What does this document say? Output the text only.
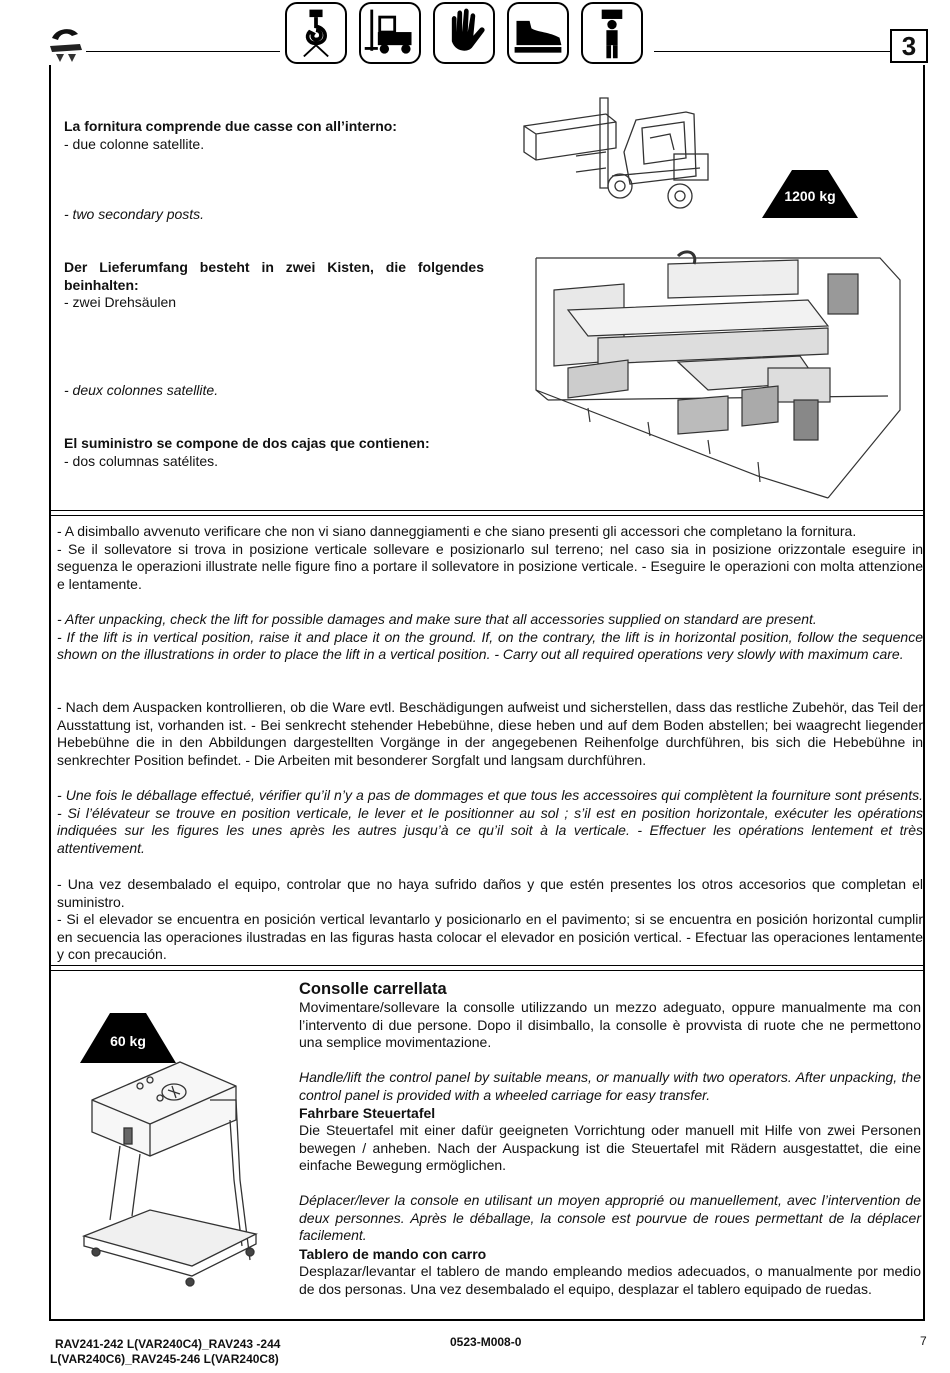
3
La fornitura comprende due casse con all’interno:
- due colonne satellite.
- two secondary posts.
Der Lieferumfang besteht in zwei Kisten, die folgendes beinhalten:
- zwei Drehsäulen
- deux colonnes satellite.
El suministro se compone de dos cajas que contienen:
- dos columnas satélites.
1200 kg
- A disimballo avvenuto verificare che non vi siano danneggiamenti e che siano presenti gli accessori che completano la fornitura.
- Se il sollevatore si trova in posizione verticale sollevare e posizionarlo sul terreno; nel caso sia in posizione orizzontale eseguire in seguenza le operazioni illustrate nelle figure fino a portare il sollevatore in posizione verticale. - Eseguire le operazioni con molta attenzione e lentamente.
- After unpacking, check the lift for possible damages and make sure that all accessories supplied on standard are present.
- If the lift is in vertical position, raise it and place it on the ground. If, on the contrary, the lift is in horizontal position, follow the sequence shown on the illustrations in order to place the lift in a vertical position. - Carry out all required operations very slowly with maximum care.
- Nach dem Auspacken kontrollieren, ob die Ware evtl. Beschädigungen aufweist und sicherstellen, dass das restliche Zubehör, das Teil der Ausstattung ist, vorhanden ist. - Bei senkrecht stehender Hebebühne, diese heben und auf dem Boden abstellen; bei waagrecht liegender Hebebühne die in den Abbildungen dargestellten Vorgänge in der angegebenen Reihenfolge durchführen, bis sich die Hebebühne in senkrechter Position befindet. - Die Arbeiten mit besonderer Sorgfalt und langsam durchführen.
- Une fois le déballage effectué, vérifier qu’il n’y a pas de dommages et que tous les accessoires qui complètent la fourniture sont présents. - Si l’élévateur se trouve en position verticale, le lever et le positionner au sol ; s’il est en position horizontale, exécuter les opérations indiquées sur les figures les unes après les autres jusqu’à ce qu’il soit à la verticale. - Effectuer les opérations lentement et très attentivement.
- Una vez desembalado el equipo, controlar que no haya sufrido daños y que estén presentes los otros accesorios que completan el suministro.
- Si el elevador se encuentra en posición vertical levantarlo y posicionarlo en el pavimento; si se encuentra en posición horizontal cumplir en secuencia las operaciones ilustradas en las figuras hasta colocar el elevador en posición vertical. - Efectuar las operaciones lentamente y con precaución.
60 kg
Consolle carrellata
Movimentare/sollevare la consolle utilizzando un mezzo adeguato, oppure manualmente ma con l’intervento di due persone. Dopo il disimballo, la consolle è provvista di ruote che ne permettono una semplice movimentazione.
Handle/lift the control panel by suitable means, or manually with two operators. After unpacking, the control panel is provided with a wheeled carriage for easy transfer.
Fahrbare Steuertafel
Die Steuertafel mit einer dafür geeigneten Vorrichtung oder manuell mit Hilfe von zwei Personen bewegen / anheben. Nach der Auspackung ist die Steuertafel mit Rädern ausgestattet, die eine einfache Bewegung ermöglichen.
Déplacer/lever la console en utilisant un moyen approprié ou manuellement, avec l’intervention de deux personnes. Après le déballage, la console est pourvue de roues permettant de la déplacer facilement.
Tablero de mando con carro
Desplazar/levantar el tablero de mando empleando medios adecuados, o manualmente por medio de dos personas. Una vez desembalado el equipo, desplazar el tablero equipado de ruedas.
RAV241-242 L(VAR240C4)_RAV243 -244
L(VAR240C6)_RAV245-246 L(VAR240C8)
0523-M008-0	7
